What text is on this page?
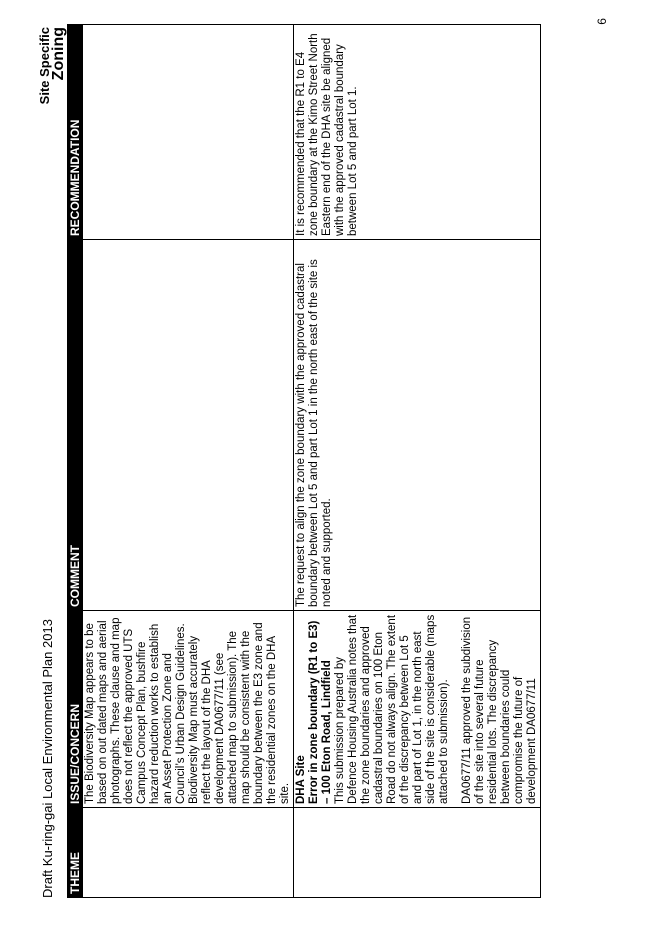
Draft Ku-ring-gai Local Environmental Plan 2013
Site Specific
Zoning
THEME	ISSUE/CONCERN	COMMENT	RECOMMENDATION

	The Biodiversity Map appears to be based on out dated maps and aerial photographs. These clause and map does not reflect the approved UTS Campus Concept Plan, bushfire hazard reduction works to establish an Asset Protection Zone and Council’s Urban Design Guidelines. Biodiversity Map must accurately reflect the layout of the DHA development DA0677/11 (see attached map to submission). The map should be consistent with the boundary between the E3 zone and the residential zones on the DHA site.		

	DHA Site Error in zone boundary (R1 to E3) – 100 Eton Road, Lindfield This submission prepared by Defence Housing Australia notes that the zone boundaries and approved cadastral boundaries on 100 Eton Road do not always align. The extent of the discrepancy between Lot 5 and part of Lot 1, in the north east side of the site is considerable (maps attached to submission). DA0677/11 approved the subdivision of the site into several future residential lots. The discrepancy between boundaries could compromise the future of development DA0677/11	The request to align the zone boundary with the approved cadastral boundary between Lot 5 and part Lot 1 in the north east of the site is noted and supported.	It is recommended that the R1 to E4 zone boundary at the Kimo Street North Eastern end of the DHA site be aligned with the approved cadastral boundary between Lot 5 and part Lot 1.

6
